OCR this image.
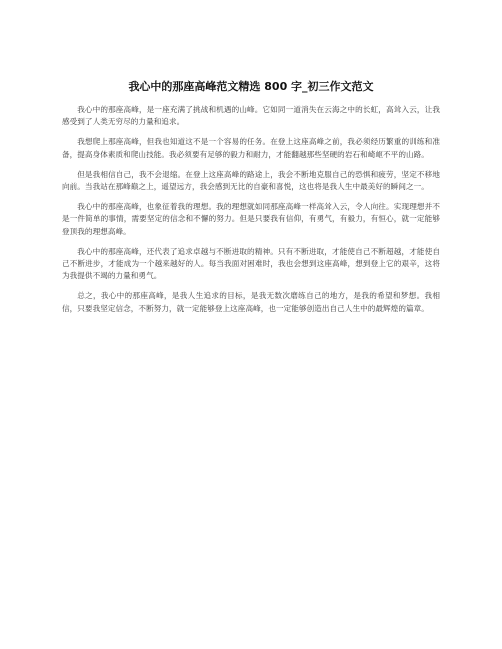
我心中的那座高峰范文精选 800 字_初三作文范文

我心中的那座高峰，是一座充满了挑战和机遇的山峰。它如同一道消失在云海之中的长虹，高耸入云，让我感受到了人类无穷尽的力量和追求。

我想爬上那座高峰，但我也知道这不是一个容易的任务。在登上这座高峰之前，我必须经历繁重的训练和准备，提高身体素质和爬山技能。我必须要有足够的毅力和耐力，才能翻越那些坚硬的岩石和崎岖不平的山路。

但是我相信自己，我不会退缩。在登上这座高峰的路途上，我会不断地克服自己的恐惧和疲劳，坚定不移地向前。当我站在那峰巅之上，遥望远方，我会感到无比的自豪和喜悦，这也将是我人生中最美好的瞬间之一。

我心中的那座高峰，也象征着我的理想。我的理想就如同那座高峰一样高耸入云，令人向往。实现理想并不是一件简单的事情，需要坚定的信念和不懈的努力。但是只要我有信仰，有勇气，有毅力，有恒心，就一定能够登顶我的理想高峰。

我心中的那座高峰，还代表了追求卓越与不断进取的精神。只有不断进取，才能使自己不断超越，才能使自己不断进步，才能成为一个越来越好的人。每当我面对困难时，我也会想到这座高峰，想到登上它的艰辛，这将为我提供不竭的力量和勇气。

总之，我心中的那座高峰，是我人生追求的目标，是我无数次磨练自己的地方，是我的希望和梦想。我相信，只要我坚定信念，不断努力，就一定能够登上这座高峰，也一定能够创造出自己人生中的最辉煌的篇章。
